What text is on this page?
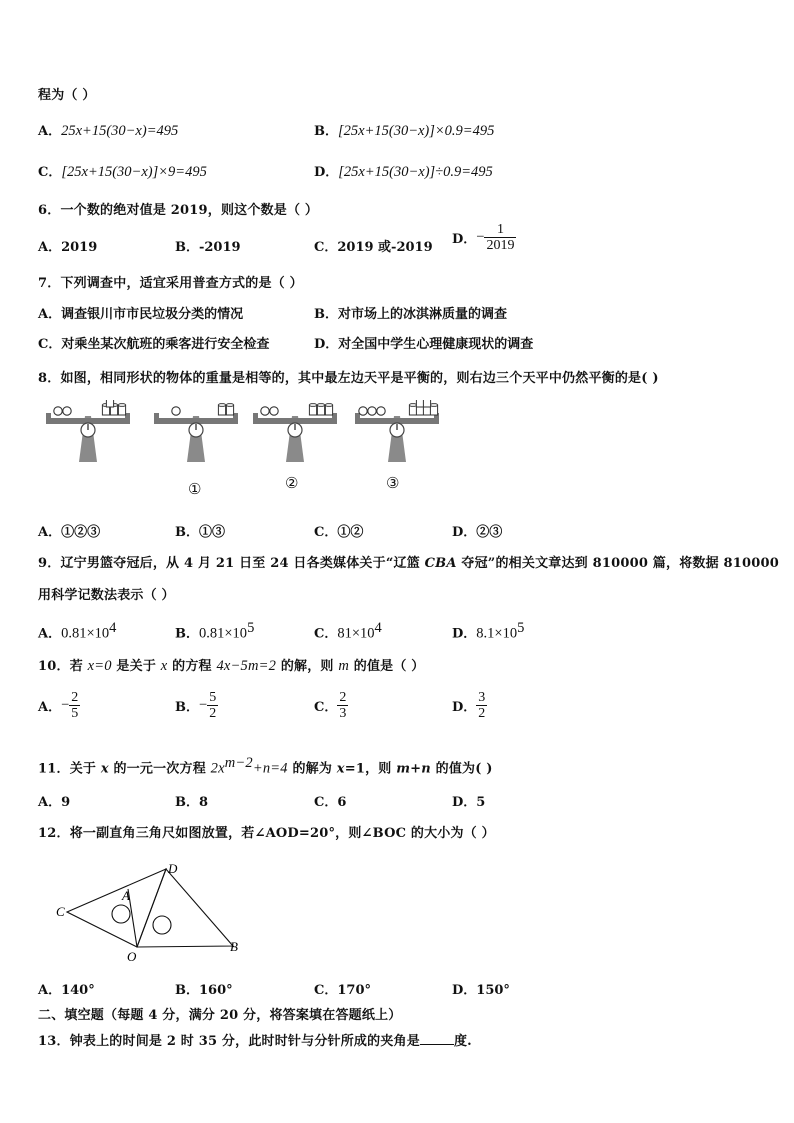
程为（ ）
A．25x+15(30−x)=495	B．[25x+15(30−x)]×0.9=495
C．[25x+15(30−x)]×9=495	D．[25x+15(30−x)]÷0.9=495
6．一个数的绝对值是 2019，则这个数是（ ）
A．2019	B．-2019	C．2019 或-2019
D．− $\frac{1}{2019}$
7．下列调查中，适宜采用普查方式的是（ ）
A．调查银川市市民垃圾分类的情况	B．对市场上的冰淇淋质量的调查
C．对乘坐某次航班的乘客进行安全检查	D．对全国中学生心理健康现状的调查
8．如图，相同形状的物体的重量是相等的，其中最左边天平是平衡的，则右边三个天平中仍然平衡的是( )
①	②	③
A．①②③	B．①③	C．①②	D．②③
9．辽宁男篮夺冠后，从 4 月 21 日至 24 日各类媒体关于“辽篮 CBA 夺冠”的相关文章达到 810000 篇，将数据 810000
用科学记数法表示（ ）
A．$0.81\times 10^4$	B．$0.81\times 10^5$	C．$81\times 10^4$	D．$8.1\times 10^5$
10．若 x=0 是关于 x 的方程 4x−5m=2 的解，则 m 的值是（ ）
A．− $\frac{2}{5}$	B．− $\frac{5}{2}$	C． $\frac{2}{3}$	D． $\frac{3}{2}$
11．关于 x 的一元一次方程 $2x^{m-2}+n=4$ 的解为 x=1，则 m+n 的值为( )
A．9	B．8	C．6	D．5
12．将一副直角三角尺如图放置，若∠AOD=20°，则∠BOC 的大小为（ ）
C
D
A
O
B
A．140°	B．160°	C．170°	D．150°
二、填空题（每题 4 分，满分 20 分，将答案填在答题纸上）
13．钟表上的时间是 2 时 35 分，此时时针与分针所成的夹角是	度.
